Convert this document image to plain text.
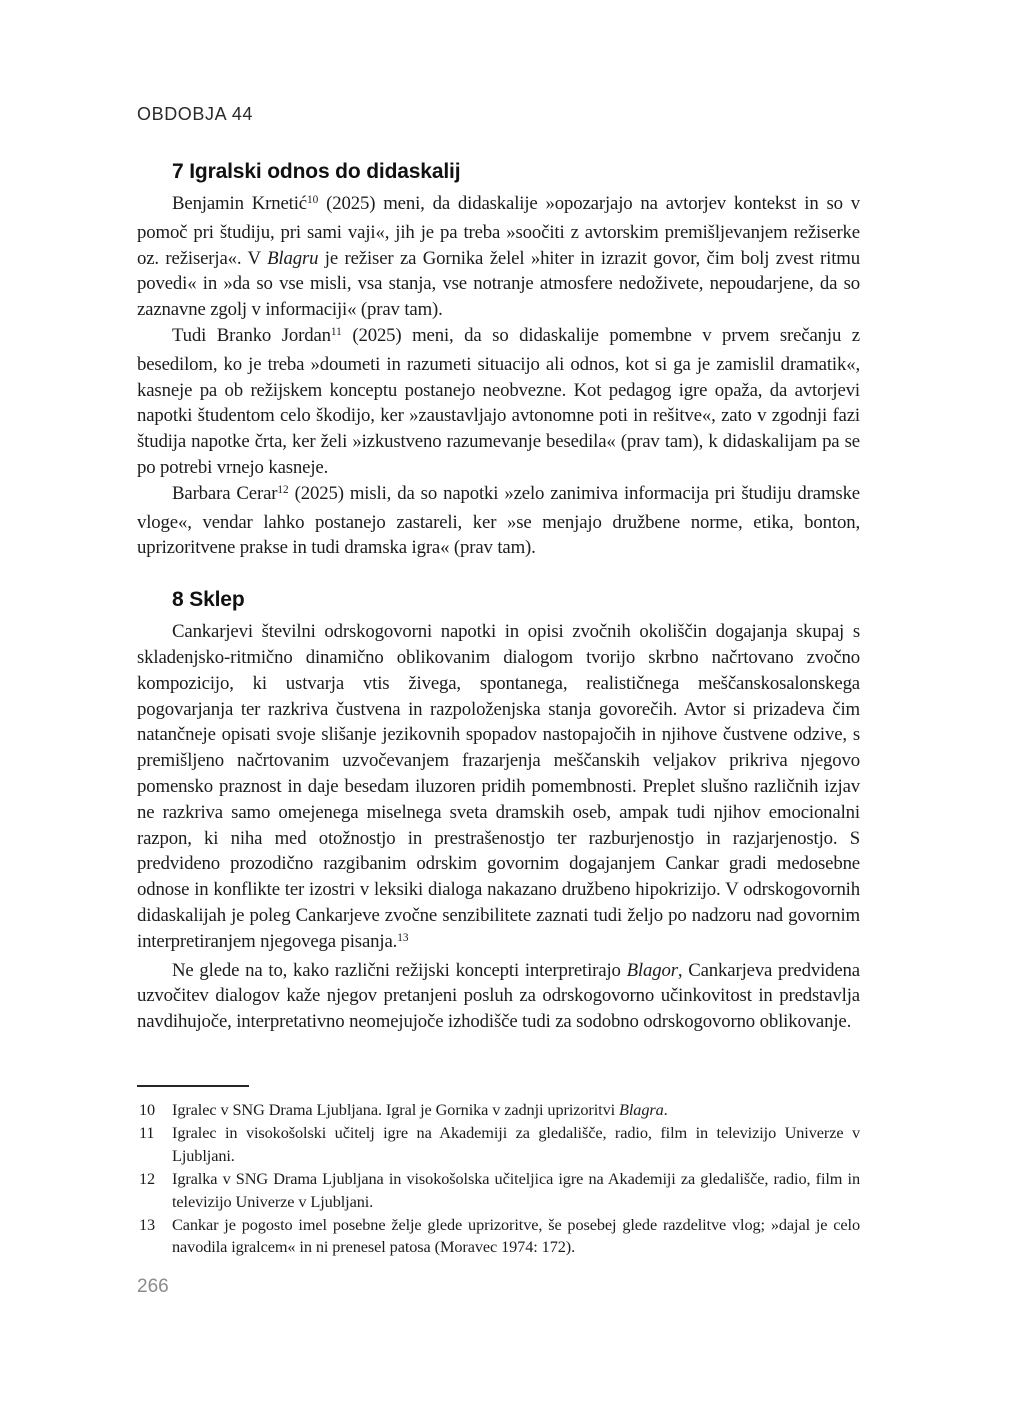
OBDOBJA 44
7 Igralski odnos do didaskalij

Benjamin Krnetić$^{10}$ (2025) meni, da didaskalije »opozarjajo na avtorjev kontekst in so v pomoč pri študiju, pri sami vaji«, jih je pa treba »soočiti z avtorskim premišljevanjem režiserke oz. režiserja«. V Blagru je režiser za Gornika želel »hiter in izrazit govor, čim bolj zvest ritmu povedi« in »da so vse misli, vsa stanja, vse notranje atmosfere nedoživete, nepoudarjene, da so zaznavne zgolj v informaciji« (prav tam).

Tudi Branko Jordan$^{11}$ (2025) meni, da so didaskalije pomembne v prvem srečanju z besedilom, ko je treba »doumeti in razumeti situacijo ali odnos, kot si ga je zamislil dramatik«, kasneje pa ob režijskem konceptu postanejo neobvezne. Kot pedagog igre opaža, da avtorjevi napotki študentom celo škodijo, ker »zaustavljajo avtonomne poti in rešitve«, zato v zgodnji fazi študija napotke črta, ker želi »izkustveno razumevanje besedila« (prav tam), k didaskalijam pa se po potrebi vrnejo kasneje.

Barbara Cerar$^{12}$ (2025) misli, da so napotki »zelo zanimiva informacija pri študiju dramske vloge«, vendar lahko postanejo zastareli, ker »se menjajo družbene norme, etika, bonton, uprizoritvene prakse in tudi dramska igra« (prav tam).

8 Sklep

Cankarjevi številni odrskogovorni napotki in opisi zvočnih okoliščin dogajanja skupaj s skladenjsko-ritmično dinamično oblikovanim dialogom tvorijo skrbno načrtovano zvočno kompozicijo, ki ustvarja vtis živega, spontanega, realističnega meščanskosalonskega pogovarjanja ter razkriva čustvena in razpoloženjska stanja govorečih. Avtor si prizadeva čim natančneje opisati svoje slišanje jezikovnih spopadov nastopajočih in njihove čustvene odzive, s premišljeno načrtovanim uzvočevanjem frazarjenja meščanskih veljakov prikriva njegovo pomensko praznost in daje besedam iluzoren pridih pomembnosti. Preplet slušno različnih izjav ne razkriva samo omejenega miselnega sveta dramskih oseb, ampak tudi njihov emocionalni razpon, ki niha med otožnostjo in prestrašenostjo ter razburjenostjo in razjarjenostjo. S predvideno prozodično razgibanim odrskim govornim dogajanjem Cankar gradi medosebne odnose in konflikte ter izostri v leksiki dialoga nakazano družbeno hipokrizijo. V odrskogovornih didaskalijah je poleg Cankarjeve zvočne senzibilitete zaznati tudi željo po nadzoru nad govornim interpretiranjem njegovega pisanja.$^{13}$

Ne glede na to, kako različni režijski koncepti interpretirajo Blagor, Cankarjeva predvidena uzvočitev dialogov kaže njegov pretanjeni posluh za odrskogovorno učinkovitost in predstavlja navdihujoče, interpretativno neomejujoče izhodišče tudi za sodobno odrskogovorno oblikovanje.

10 Igralec v SNG Drama Ljubljana. Igral je Gornika v zadnji uprizoritvi Blagra.
11 Igralec in visokošolski učitelj igre na Akademiji za gledališče, radio, film in televizijo Univerze v Ljubljani.
12 Igralka v SNG Drama Ljubljana in visokošolska učiteljica igre na Akademiji za gledališče, radio, film in televizijo Univerze v Ljubljani.
13 Cankar je pogosto imel posebne želje glede uprizoritve, še posebej glede razdelitve vlog; »dajal je celo navodila igralcem« in ni prenesel patosa (Moravec 1974: 172).
266
